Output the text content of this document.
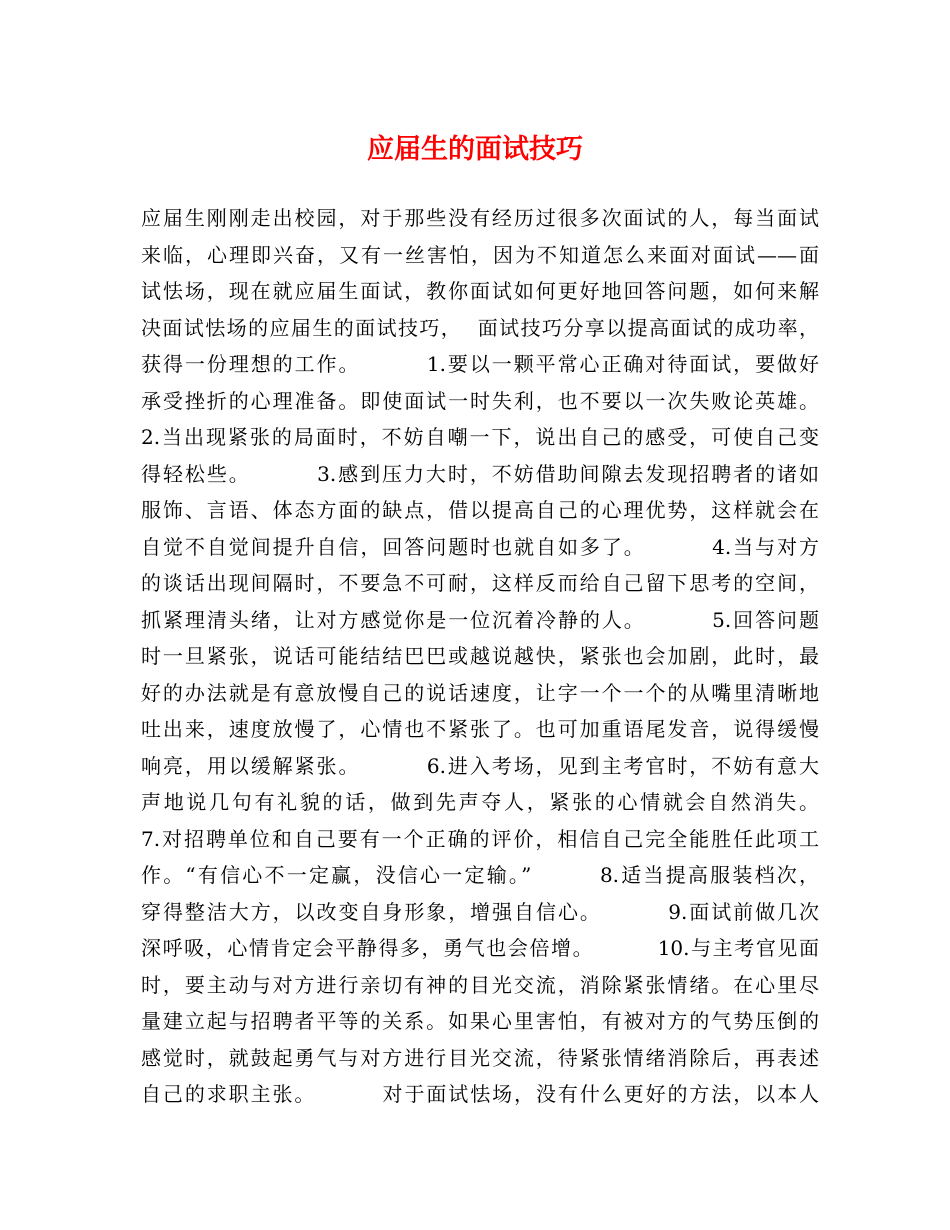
应届生的面试技巧
应届生刚刚走出校园，对于那些没有经历过很多次面试的人，每当面试
来临，心理即兴奋，又有一丝害怕，因为不知道怎么来面对面试——面
试怯场，现在就应届生面试，教你面试如何更好地回答问题，如何来解
决面试怯场的应届生的面试技巧，  面试技巧分享以提高面试的成功率，
获得一份理想的工作。        1.要以一颗平常心正确对待面试，要做好
承受挫折的心理准备。即使面试一时失利，也不要以一次失败论英雄。
2.当出现紧张的局面时，不妨自嘲一下，说出自己的感受，可使自己变
得轻松些。        3.感到压力大时，不妨借助间隙去发现招聘者的诸如
服饰、言语、体态方面的缺点，借以提高自己的心理优势，这样就会在
自觉不自觉间提升自信，回答问题时也就自如多了。        4.当与对方
的谈话出现间隔时，不要急不可耐，这样反而给自己留下思考的空间，
抓紧理清头绪，让对方感觉你是一位沉着冷静的人。        5.回答问题
时一旦紧张，说话可能结结巴巴或越说越快，紧张也会加剧，此时，最
好的办法就是有意放慢自己的说话速度，让字一个一个的从嘴里清晰地
吐出来，速度放慢了，心情也不紧张了。也可加重语尾发音，说得缓慢
响亮，用以缓解紧张。        6.进入考场，见到主考官时，不妨有意大
声地说几句有礼貌的话，做到先声夺人，紧张的心情就会自然消失。
7.对招聘单位和自己要有一个正确的评价，相信自己完全能胜任此项工
作。“有信心不一定赢，没信心一定输。”        8.适当提高服装档次，
穿得整洁大方，以改变自身形象，增强自信心。        9.面试前做几次
深呼吸，心情肯定会平静得多，勇气也会倍增。        10.与主考官见面
时，要主动与对方进行亲切有神的目光交流，消除紧张情绪。在心里尽
量建立起与招聘者平等的关系。如果心里害怕，有被对方的气势压倒的
感觉时，就鼓起勇气与对方进行目光交流，待紧张情绪消除后，再表述
自己的求职主张。        对于面试怯场，没有什么更好的方法，以本人
